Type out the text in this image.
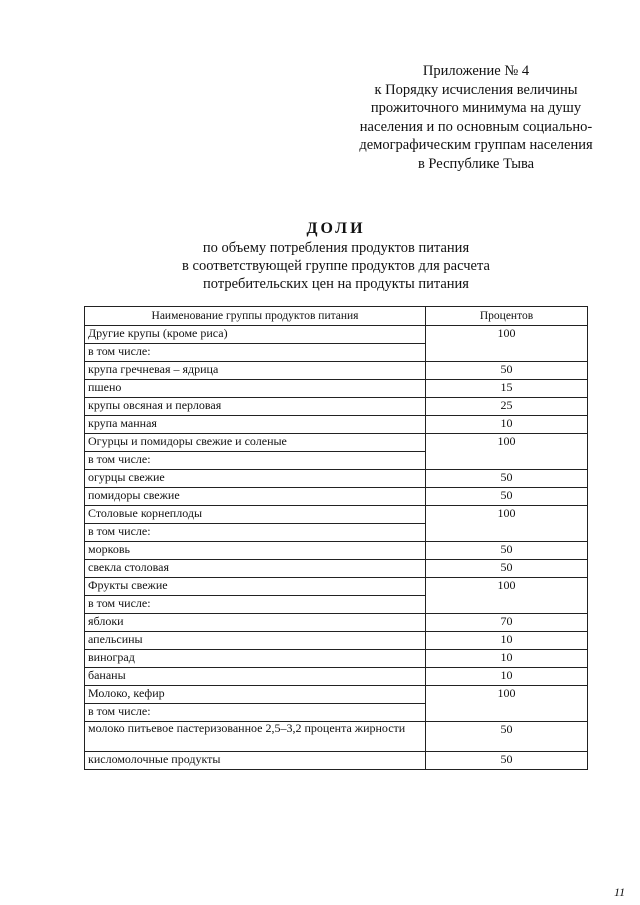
Приложение № 4
к Порядку исчисления величины
прожиточного минимума на душу
населения и по основным социально-
демографическим группам населения
в Республике Тыва
ДОЛИ
по объему потребления продуктов питания
в соответствующей группе продуктов для расчета
потребительских цен на продукты питания
Наименование группы продуктов питания	Процентов
Другие крупы (кроме риса)	100
в том числе:	
крупа гречневая – ядрица	50
пшено	15
крупы овсяная и перловая	25
крупа манная	10
Огурцы и помидоры свежие и соленые	100
в том числе:	
огурцы свежие	50
помидоры свежие	50
Столовые корнеплоды	100
в том числе:	
морковь	50
свекла столовая	50
Фрукты свежие	100
в том числе:	
яблоки	70
апельсины	10
виноград	10
бананы	10
Молоко, кефир	100
в том числе:	
молоко питьевое пастеризованное 2,5–3,2 процента жирности	50
кисломолочные продукты	50
11
